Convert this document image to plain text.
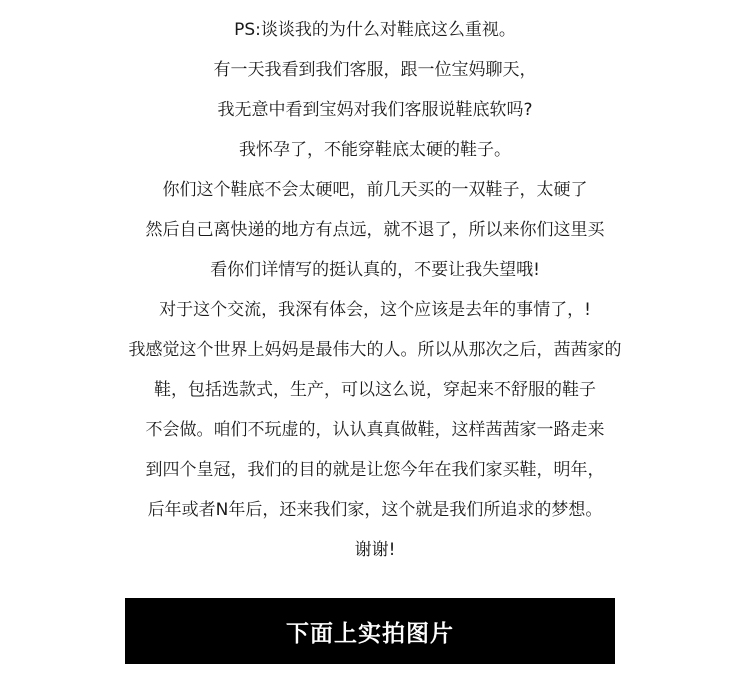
PS:谈谈我的为什么对鞋底这么重视。
有一天我看到我们客服，跟一位宝妈聊天，
我无意中看到宝妈对我们客服说鞋底软吗?
我怀孕了，不能穿鞋底太硬的鞋子。
你们这个鞋底不会太硬吧，前几天买的一双鞋子，太硬了
然后自己离快递的地方有点远，就不退了，所以来你们这里买
看你们详情写的挺认真的，不要让我失望哦!
对于这个交流，我深有体会，这个应该是去年的事情了，!
我感觉这个世界上妈妈是最伟大的人。所以从那次之后，茜茜家的
鞋，包括选款式，生产，可以这么说，穿起来不舒服的鞋子
不会做。咱们不玩虚的，认认真真做鞋，这样茜茜家一路走来
到四个皇冠，我们的目的就是让您今年在我们家买鞋，明年，
后年或者N年后，还来我们家，这个就是我们所追求的梦想。
谢谢!
下面上实拍图片
